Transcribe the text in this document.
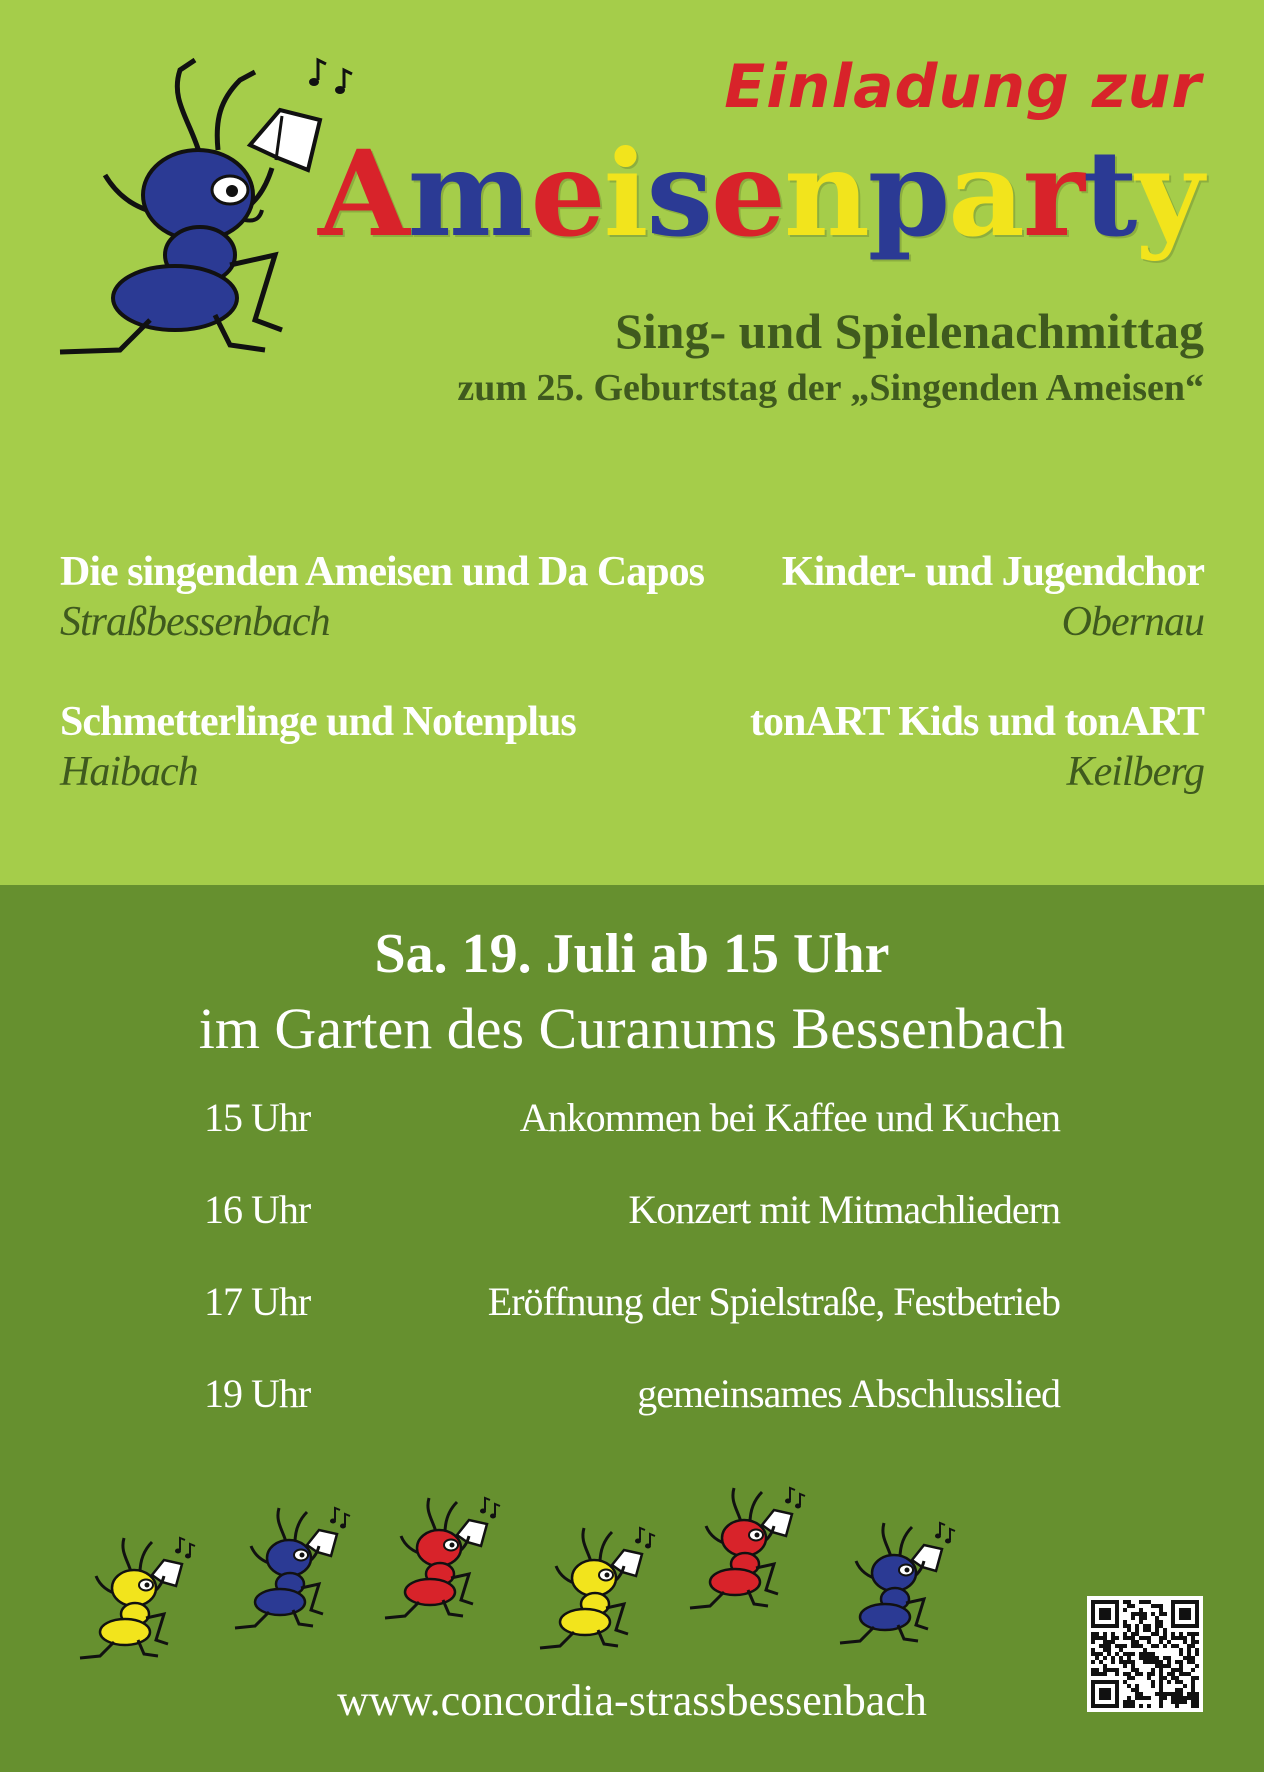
Einladung zur
Ameisenparty
Sing- und Spielenachmittag
zum 25. Geburtstag der „Singenden Ameisen“
Die singenden Ameisen und Da Capos
Straßbessenbach
Kinder- und Jugendchor
Obernau
Schmetterlinge und Notenplus
Haibach
tonART Kids und tonART
Keilberg
Sa. 19. Juli ab 15 Uhr
im Garten des Curanums Bessenbach
15 Uhr	Ankommen bei Kaffee und Kuchen
16 Uhr	Konzert mit Mitmachliedern
17 Uhr	Eröffnung der Spielstraße, Festbetrieb
19 Uhr	gemeinsames Abschlusslied
www.concordia-strassbessenbach
